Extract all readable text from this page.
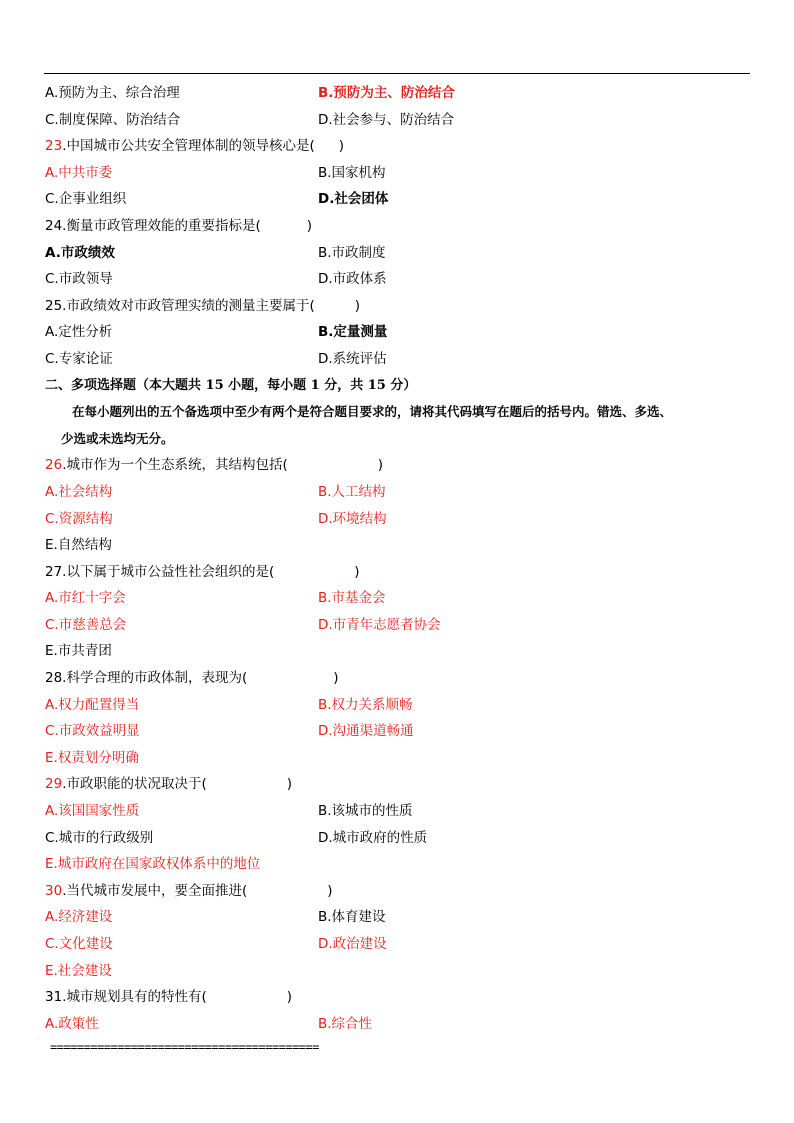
A.预防为主、综合治理	B.预防为主、防治结合
C.制度保障、防治结合	D.社会参与、防治结合
23.中国城市公共安全管理体制的领导核心是( )
A.中共市委	B.国家机构
C.企事业组织	D.社会团体
24.衡量市政管理效能的重要指标是(	)
A.市政绩效	B.市政制度
C.市政领导	D.市政体系
25.市政绩效对市政管理实绩的测量主要属于(	)
A.定性分析	B.定量测量
C.专家论证	D.系统评估
二、多项选择题（本大题共 15 小题，每小题 1 分，共 15 分）
在每小题列出的五个备选项中至少有两个是符合题目要求的，请将其代码填写在题后的括号内。错选、多选、
少选或未选均无分。
26.城市作为一个生态系统，其结构包括(	)
A.社会结构	B.人工结构
C.资源结构	D.环境结构
E.自然结构
27.以下属于城市公益性社会组织的是(	)
A.市红十字会	B.市基金会
C.市慈善总会	D.市青年志愿者协会
E.市共青团
28.科学合理的市政体制，表现为(	)
A.权力配置得当	B.权力关系顺畅
C.市政效益明显	D.沟通渠道畅通
E.权责划分明确
29.市政职能的状况取决于(	)
A.该国国家性质	B.该城市的性质
C.城市的行政级别	D.城市政府的性质
E.城市政府在国家政权体系中的地位
30.当代城市发展中，要全面推进(	)
A.经济建设	B.体育建设
C.文化建设	D.政治建设
E.社会建设
31.城市规划具有的特性有(	)
A.政策性	B.综合性
========================================
